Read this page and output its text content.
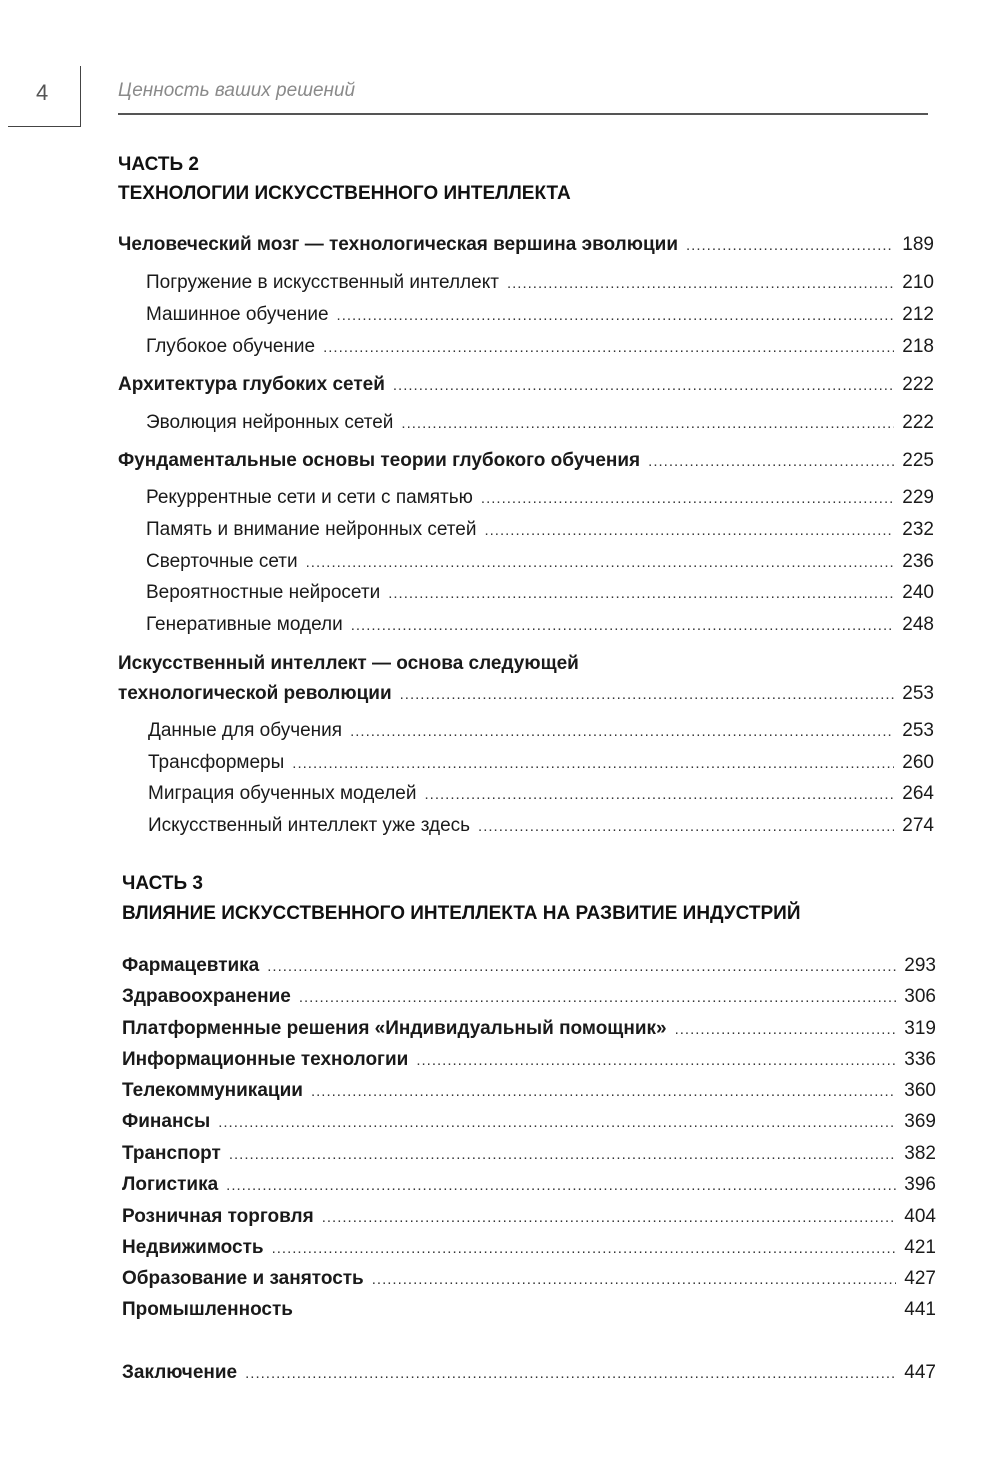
4	Ценность ваших решений
ЧАСТЬ 2
ТЕХНОЛОГИИ ИСКУССТВЕННОГО ИНТЕЛЛЕКТА
Человеческий мозг — технологическая вершина эволюции .....	189
Погружение в искусственный интеллект .....	210
Машинное обучение .....	212
Глубокое обучение .....	218
Архитектура глубоких сетей .....	222
Эволюция нейронных сетей .....	222
Фундаментальные основы теории глубокого обучения .....	225
Рекуррентные сети и сети с памятью .....	229
Память и внимание нейронных сетей .....	232
Сверточные сети .....	236
Вероятностные нейросети .....	240
Генеративные модели .....	248
Искусственный интеллект — основа следующей
технологической революции .....	253
Данные для обучения .....	253
Трансформеры .....	260
Миграция обученных моделей .....	264
Искусственный интеллект уже здесь .....	274
ЧАСТЬ 3
ВЛИЯНИЕ ИСКУССТВЕННОГО ИНТЕЛЛЕКТА НА РАЗВИТИЕ ИНДУСТРИЙ
Фармацевтика .....	293
Здравоохранение .....	306
Платформенные решения «Индивидуальный помощник» .....	319
Информационные технологии .....	336
Телекоммуникации .....	360
Финансы .....	369
Транспорт .....	382
Логистика .....	396
Розничная торговля .....	404
Недвижимость .....	421
Образование и занятость .....	427
Промышленность	441
Заключение .....	447
